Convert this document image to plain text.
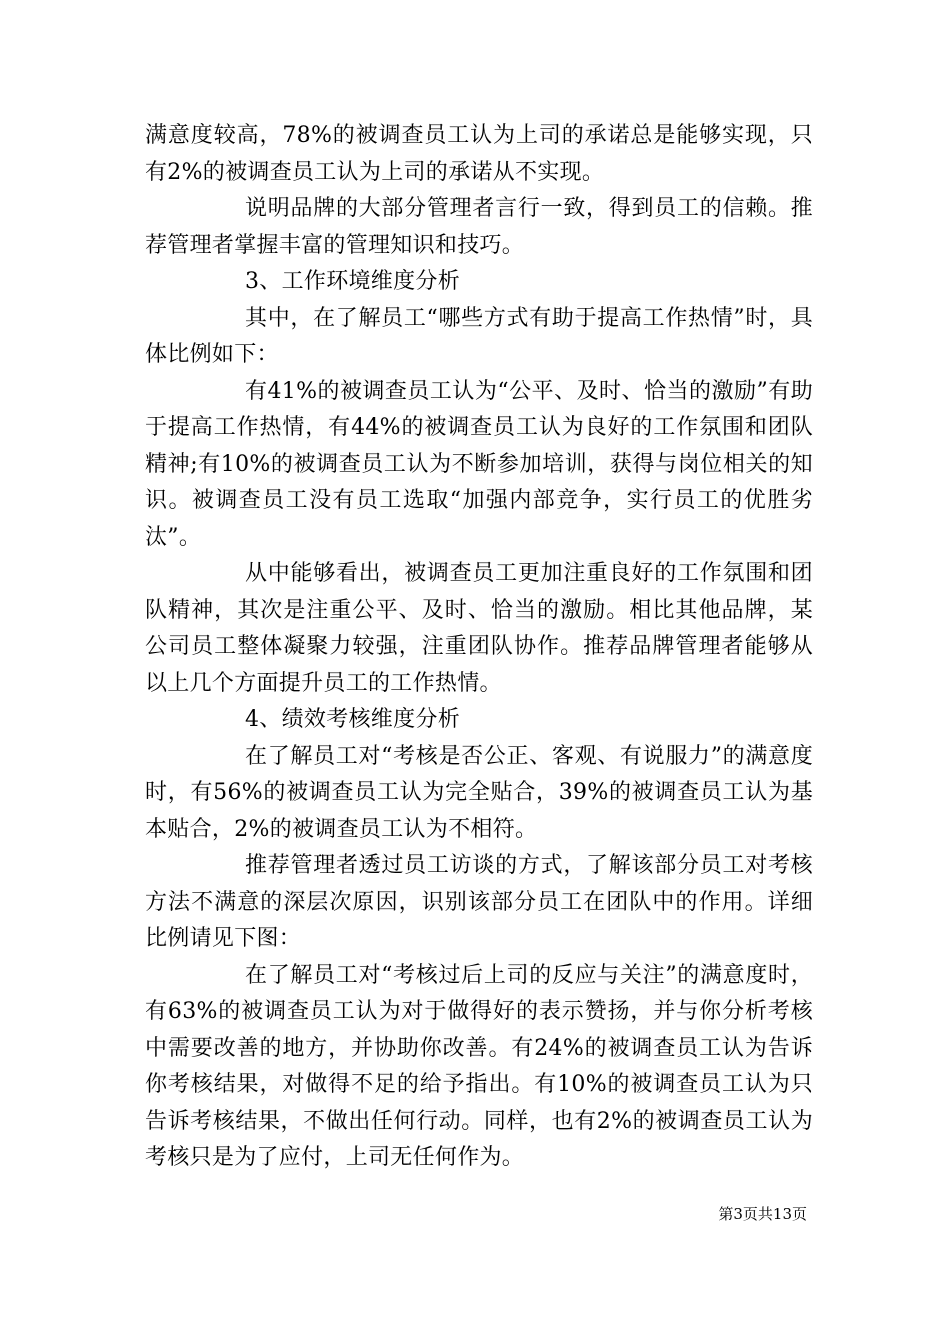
满意度较高，78%的被调查员工认为上司的承诺总是能够实现，只有2%的被调查员工认为上司的承诺从不实现。

说明品牌的大部分管理者言行一致，得到员工的信赖。推荐管理者掌握丰富的管理知识和技巧。

3、工作环境维度分析

其中，在了解员工“哪些方式有助于提高工作热情”时，具体比例如下：

有41%的被调查员工认为“公平、及时、恰当的激励”有助于提高工作热情，有44%的被调查员工认为良好的工作氛围和团队精神;有10%的被调查员工认为不断参加培训，获得与岗位相关的知识。被调查员工没有员工选取“加强内部竞争，实行员工的优胜劣汰”。

从中能够看出，被调查员工更加注重良好的工作氛围和团队精神，其次是注重公平、及时、恰当的激励。相比其他品牌，某公司员工整体凝聚力较强，注重团队协作。推荐品牌管理者能够从以上几个方面提升员工的工作热情。

4、绩效考核维度分析

在了解员工对“考核是否公正、客观、有说服力”的满意度时，有56%的被调查员工认为完全贴合，39%的被调查员工认为基本贴合，2%的被调查员工认为不相符。

推荐管理者透过员工访谈的方式，了解该部分员工对考核方法不满意的深层次原因，识别该部分员工在团队中的作用。详细比例请见下图：

在了解员工对“考核过后上司的反应与关注”的满意度时，有63%的被调查员工认为对于做得好的表示赞扬，并与你分析考核中需要改善的地方，并协助你改善。有24%的被调查员工认为告诉你考核结果，对做得不足的给予指出。有10%的被调查员工认为只告诉考核结果，不做出任何行动。同样，也有2%的被调查员工认为考核只是为了应付，上司无任何作为。

第3页共13页
